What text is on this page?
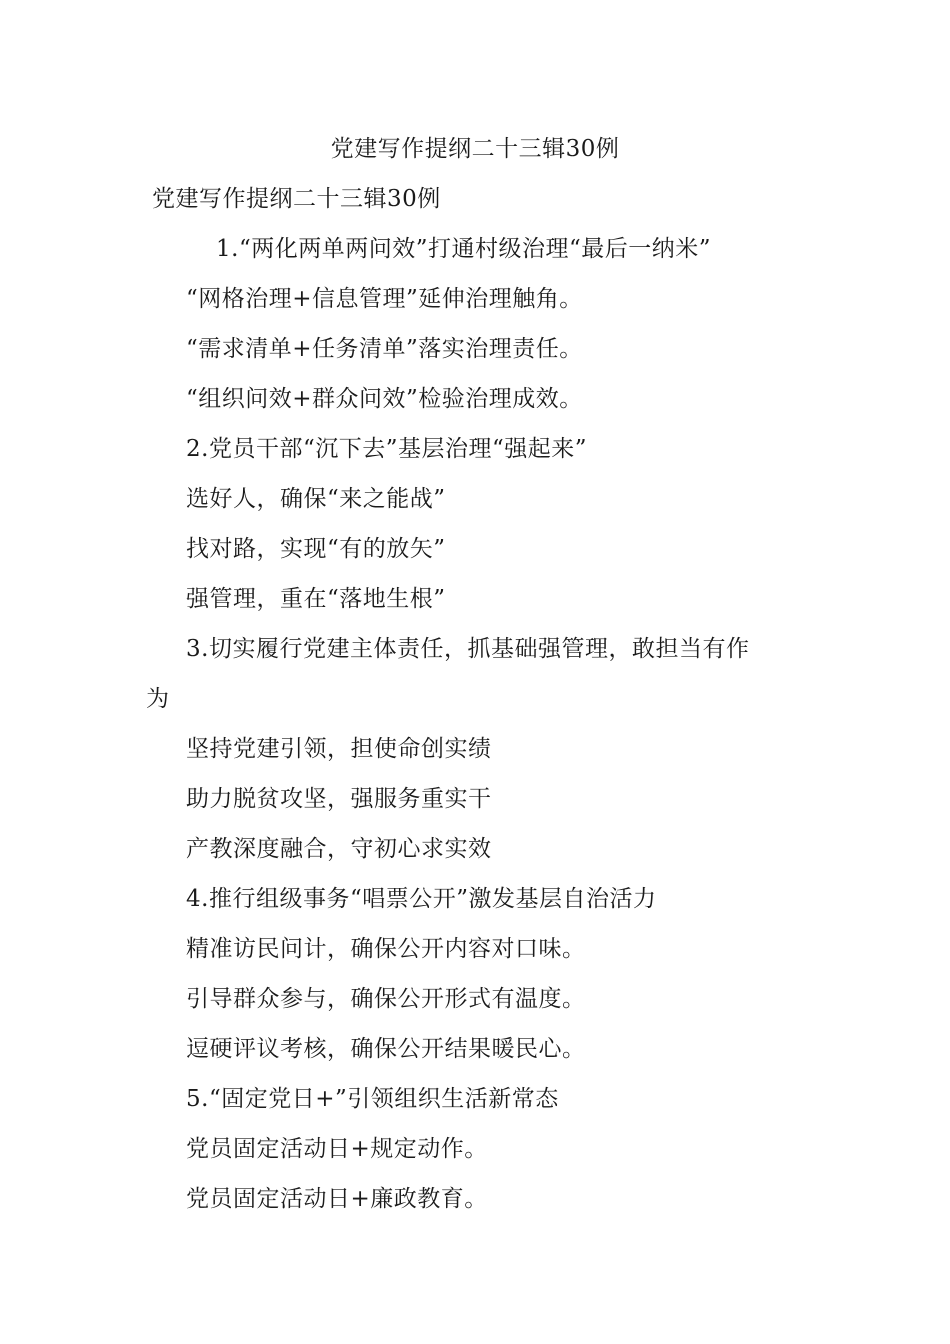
党建写作提纲二十三辑30例
党建写作提纲二十三辑30例
1.“两化两单两问效”打通村级治理“最后一纳米”
“网格治理+信息管理”延伸治理触角。
“需求清单+任务清单”落实治理责任。
“组织问效+群众问效”检验治理成效。
2.党员干部“沉下去”基层治理“强起来”
选好人，确保“来之能战”
找对路，实现“有的放矢”
强管理，重在“落地生根”
3.切实履行党建主体责任，抓基础强管理，敢担当有作
为
坚持党建引领，担使命创实绩
助力脱贫攻坚，强服务重实干
产教深度融合，守初心求实效
4.推行组级事务“唱票公开”激发基层自治活力
精准访民问计，确保公开内容对口味。
引导群众参与，确保公开形式有温度。
逗硬评议考核，确保公开结果暖民心。
5.“固定党日+”引领组织生活新常态
党员固定活动日+规定动作。
党员固定活动日+廉政教育。
